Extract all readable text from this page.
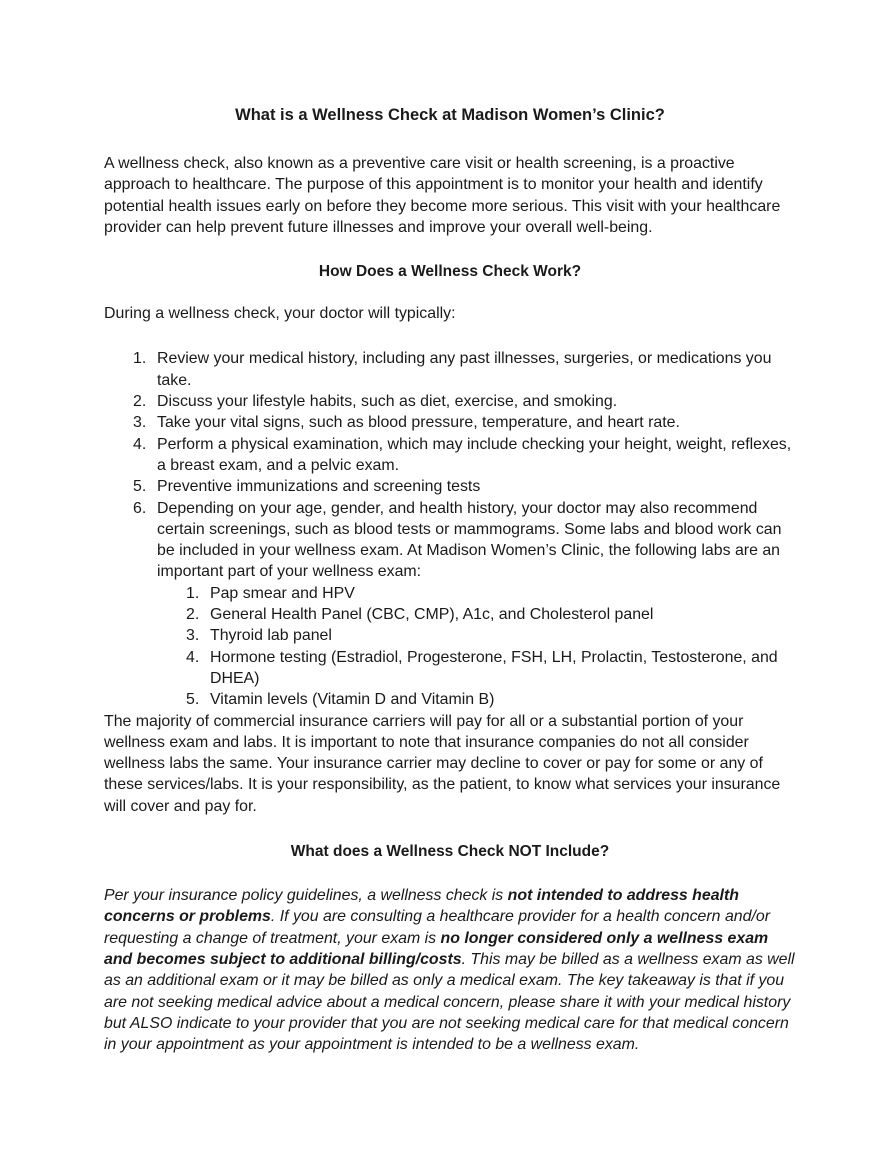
What is a Wellness Check at Madison Women’s Clinic?

A wellness check, also known as a preventive care visit or health screening, is a proactive approach to healthcare. The purpose of this appointment is to monitor your health and identify potential health issues early on before they become more serious. This visit with your healthcare provider can help prevent future illnesses and improve your overall well-being.

How Does a Wellness Check Work?

During a wellness check, your doctor will typically:

Review your medical history, including any past illnesses, surgeries, or medications you take.
Discuss your lifestyle habits, such as diet, exercise, and smoking.
Take your vital signs, such as blood pressure, temperature, and heart rate.
Perform a physical examination, which may include checking your height, weight, reflexes, a breast exam, and a pelvic exam.
Preventive immunizations and screening tests
Depending on your age, gender, and health history, your doctor may also recommend certain screenings, such as blood tests or mammograms. Some labs and blood work can be included in your wellness exam. At Madison Women’s Clinic, the following labs are an important part of your wellness exam:
Pap smear and HPV
General Health Panel (CBC, CMP), A1c, and Cholesterol panel
Thyroid lab panel
Hormone testing (Estradiol, Progesterone, FSH, LH, Prolactin, Testosterone, and DHEA)
Vitamin levels (Vitamin D and Vitamin B)

The majority of commercial insurance carriers will pay for all or a substantial portion of your wellness exam and labs. It is important to note that insurance companies do not all consider wellness labs the same. Your insurance carrier may decline to cover or pay for some or any of these services/labs. It is your responsibility, as the patient, to know what services your insurance will cover and pay for.

What does a Wellness Check NOT Include?

Per your insurance policy guidelines, a wellness check is not intended to address health concerns or problems. If you are consulting a healthcare provider for a health concern and/or requesting a change of treatment, your exam is no longer considered only a wellness exam and becomes subject to additional billing/costs. This may be billed as a wellness exam as well as an additional exam or it may be billed as only a medical exam. The key takeaway is that if you are not seeking medical advice about a medical concern, please share it with your medical history but ALSO indicate to your provider that you are not seeking medical care for that medical concern in your appointment as your appointment is intended to be a wellness exam.
